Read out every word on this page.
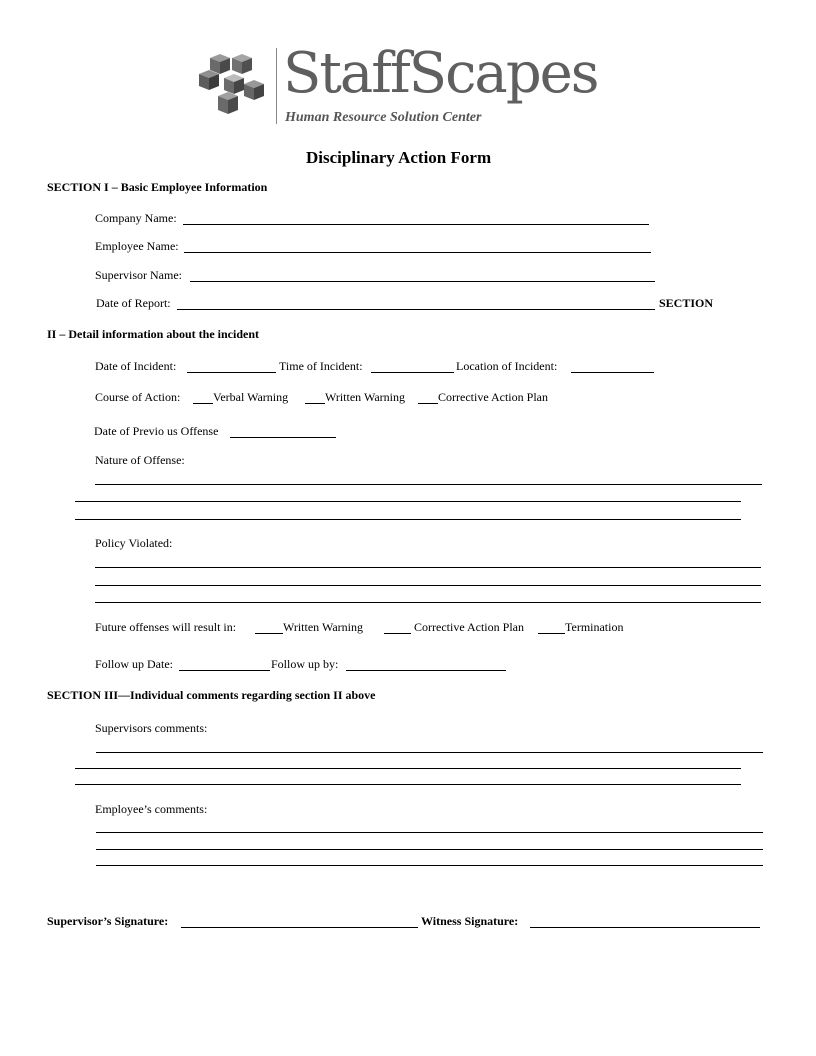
StaffScapes
Human Resource Solution Center
Disciplinary Action Form
SECTION I – Basic Employee Information
Company Name:
Employee Name:
Supervisor Name:
Date of Report:	SECTION
II – Detail information about the incident
Date of Incident:	Time of Incident:	Location of Incident:
Course of Action:	Verbal Warning	Written Warning	Corrective Action Plan
Date of Previo us Offense
Nature of Offense:
Policy Violated:
Future offenses will result in:	Written Warning	Corrective Action Plan	Termination
Follow up Date:	Follow up by:
SECTION III—Individual comments regarding section II above
Supervisors comments:
Employee’s comments:
Supervisor’s Signature:	Witness Signature:
